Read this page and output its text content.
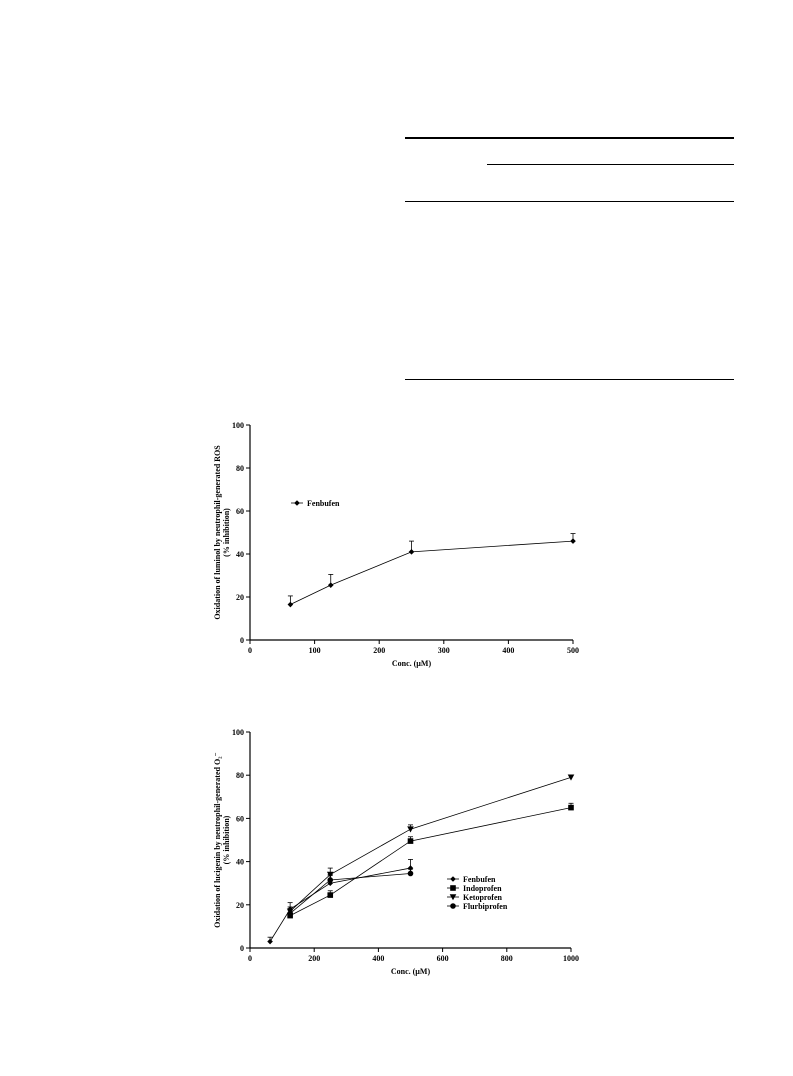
0
20
40
60
80
100
0	100	200	300	400	500
Conc. (µM)
Oxidation of luminol by neutrophil-generated ROS (% inhibition)
Fenbufen
0
20
40
60
80
100
0	200	400	600	800	1000
Conc. (µM)
Oxidation of lucigenin by neutrophil-generated O₂⁻ (% inhibition)
Fenbufen
Indoprofen
Ketoprofen
Flurbiprofen
